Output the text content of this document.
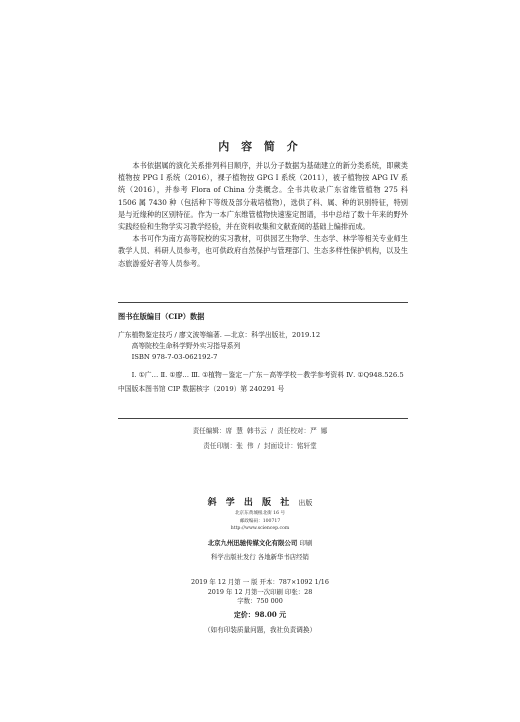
内 容 简 介

本书依据属的演化关系排列科目顺序，并以分子数据为基础建立的新分类系统，即蕨类植物按 PPG I 系统（2016），裸子植物按 GPG I 系统（2011），被子植物按 APG IV 系统（2016），并参考 Flora of China 分类概念。全书共收录广东省维管植物 275 科 1506 属 7430 种（包括种下等级及部分栽培植物），选供了科、属、种的识别特征，特别是与近缘种的区别特征。作为一本广东维管植物快速鉴定图谱，书中总结了数十年来的野外实践经验和生物学实习教学经验，并在资料收集和文献查阅的基础上编排而成。

本书可作为南方高等院校的实习教材，可供园艺生物学、生态学、林学等相关专业师生教学人员、科研人员参考，也可供政府自然保护与管理部门、生态多样性保护机构，以及生态旅游爱好者等人员参考。

图书在版编目（CIP）数据
广东植物鉴定技巧 / 廖文波等编著. —北京：科学出版社，2019.12
高等院校生命科学野外实习指导系列
ISBN 978-7-03-062192-7
Ⅰ. ①广… Ⅱ. ①廖… Ⅲ. ①植物－鉴定－广东－高等学校－教学参考资料 Ⅳ. ①Q948.526.5
中国版本图书馆 CIP 数据核字（2019）第 240291 号
责任编辑：席 慧 韩书云 / 责任校对：严 娜
责任印制：张 伟 / 封面设计：铭轩堂
斜 学 出 版 社 出版
北京东黄城根北街 16 号
邮政编码：100717
http://www.sciencep.com
北京九州迅驰传媒文化有限公司 印刷
科学出版社发行 各地新华书店经销
2019 年 12 月第 一 版 开本：787×1092 1/16
2019 年 12 月第一次印刷 印张：28
字数：750 000
定价：98.00 元
（如有印装质量问题，我社负责调换）
